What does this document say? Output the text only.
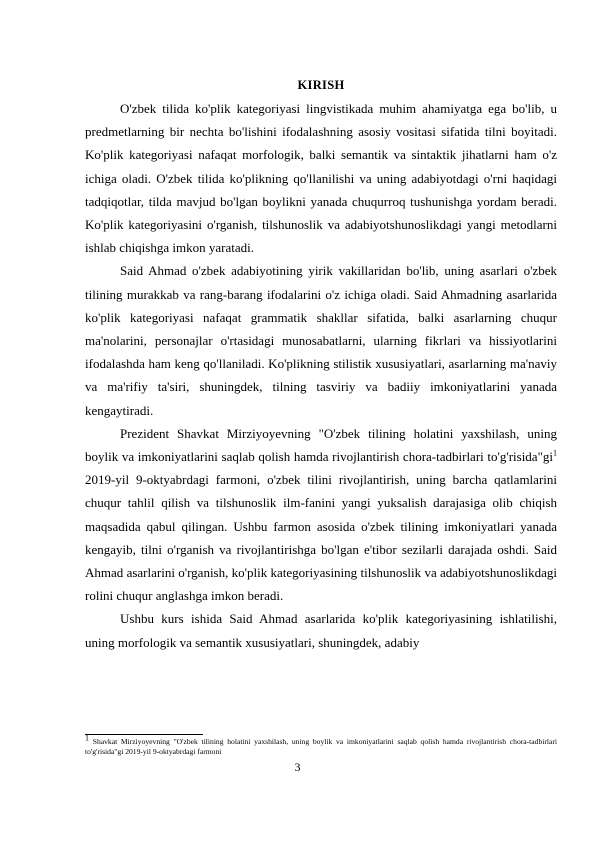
KIRISH

O'zbek tilida ko'plik kategoriyasi lingvistikada muhim ahamiyatga ega bo'lib, u predmetlarning bir nechta bo'lishini ifodalashning asosiy vositasi sifatida tilni boyitadi. Ko'plik kategoriyasi nafaqat morfologik, balki semantik va sintaktik jihatlarni ham o'z ichiga oladi. O'zbek tilida ko'plikning qo'llanilishi va uning adabiyotdagi o'rni haqidagi tadqiqotlar, tilda mavjud bo'lgan boylikni yanada chuqurroq tushunishga yordam beradi. Ko'plik kategoriyasini o'rganish, tilshunoslik va adabiyotshunoslikdagi yangi metodlarni ishlab chiqishga imkon yaratadi.

Said Ahmad o'zbek adabiyotining yirik vakillaridan bo'lib, uning asarlari o'zbek tilining murakkab va rang-barang ifodalarini o'z ichiga oladi. Said Ahmadning asarlarida ko'plik kategoriyasi nafaqat grammatik shakllar sifatida, balki asarlarning chuqur ma'nolarini, personajlar o'rtasidagi munosabatlarni, ularning fikrlari va hissiyotlarini ifodalashda ham keng qo'llaniladi. Ko'plikning stilistik xususiyatlari, asarlarning ma'naviy va ma'rifiy ta'siri, shuningdek, tilning tasviriy va badiiy imkoniyatlarini yanada kengaytiradi.

Prezident Shavkat Mirziyoyevning "O'zbek tilining holatini yaxshilash, uning boylik va imkoniyatlarini saqlab qolish hamda rivojlantirish chora-tadbirlari $to'g'risida"gi^1$ 2019-yil 9-oktyabrdagi farmoni, o'zbek tilini rivojlantirish, uning barcha qatlamlarini chuqur tahlil qilish va tilshunoslik ilm-fanini yangi yuksalish darajasiga olib chiqish maqsadida qabul qilingan. Ushbu farmon asosida o'zbek tilining imkoniyatlari yanada kengayib, tilni o'rganish va rivojlantirishga bo'lgan e'tibor sezilarli darajada oshdi. Said Ahmad asarlarini o'rganish, ko'plik kategoriyasining tilshunoslik va adabiyotshunoslikdagi rolini chuqur anglashga imkon beradi.

Ushbu kurs ishida Said Ahmad asarlarida ko'plik kategoriyasining ishlatilishi, uning morfologik va semantik xususiyatlari, shuningdek, adabiy

$^1$ Shavkat Mirziyoyevning "O'zbek tilining holatini yaxshilash, uning boylik va imkoniyatlarini saqlab qolish hamda rivojlantirish chora-tadbirlari to'g'risida"gi 2019-yil 9-oktyabrdagi farmoni
3
